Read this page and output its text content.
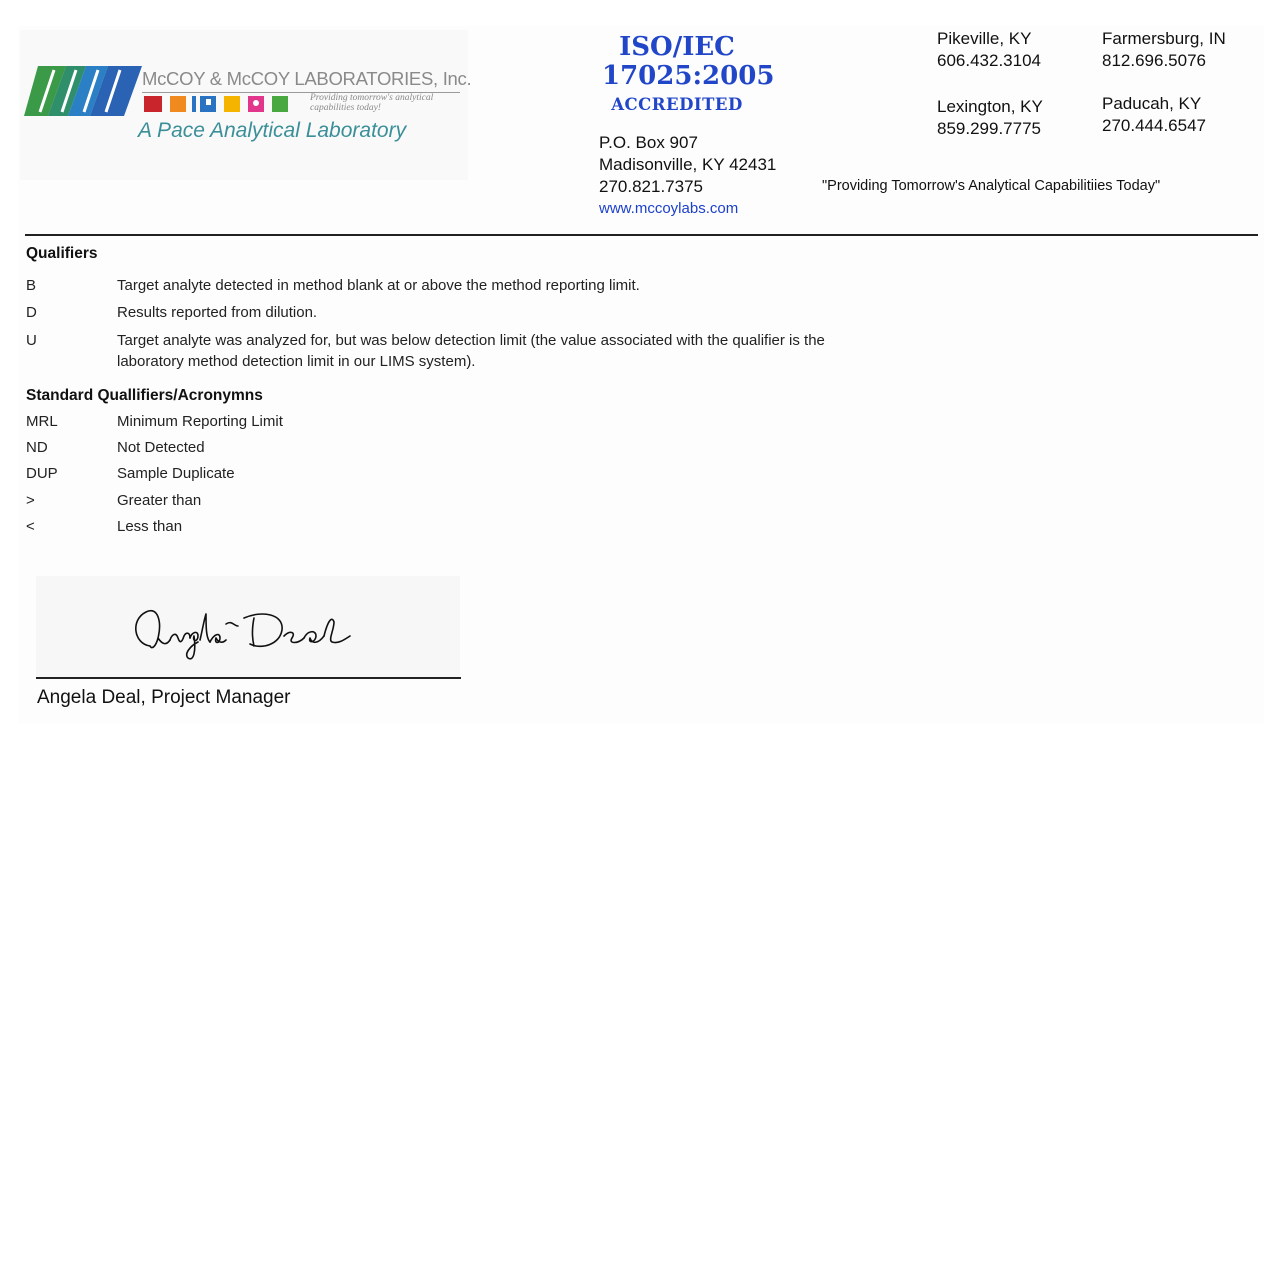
McCOY & McCOY LABORATORIES, Inc.
Providing tomorrow's analytical capabilities today!
A Pace Analytical Laboratory
ISO/IEC
17025:2005
ACCREDITED
P.O. Box 907
Madisonville, KY 42431
270.821.7375
www.mccoylabs.com
Pikeville, KY
606.432.3104
Farmersburg, IN
812.696.5076
Lexington, KY
859.299.7775
Paducah, KY
270.444.6547
"Providing Tomorrow's Analytical Capabilitiies Today"
Qualifiers
B	Target analyte detected in method blank at or above the method reporting limit.
D	Results reported from dilution.
U	Target analyte was analyzed for, but was below detection limit (the value associated with the qualifier is the laboratory method detection limit in our LIMS system).
Standard Quallifiers/Acronymns
MRL	Minimum Reporting Limit
ND	Not Detected
DUP	Sample Duplicate
>	Greater than
<	Less than
Angela Deal, Project Manager
